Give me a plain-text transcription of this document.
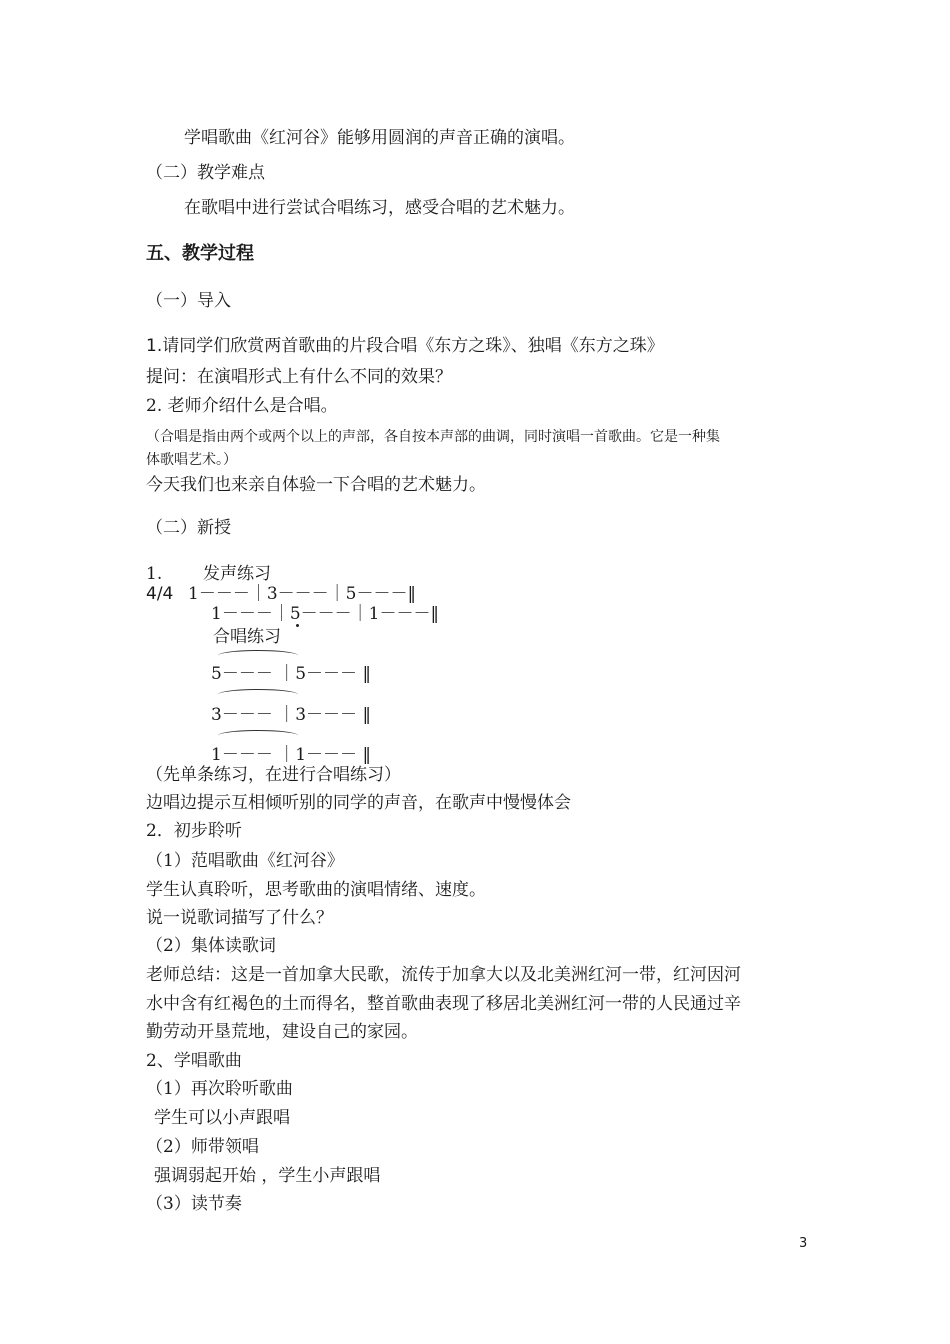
学唱歌曲《红河谷》能够用圆润的声音正确的演唱。
（二）教学难点
在歌唱中进行尝试合唱练习，感受合唱的艺术魅力。
五、教学过程
（一）导入
1.请同学们欣赏两首歌曲的片段合唱《东方之珠》、独唱《东方之珠》
提问：在演唱形式上有什么不同的效果？
2. 老师介绍什么是合唱。
（合唱是指由两个或两个以上的声部，各自按本声部的曲调，同时演唱一首歌曲。它是一种集
体歌唱艺术。）
今天我们也来亲自体验一下合唱的艺术魅力。
（二）新授
1. 发声练习
4/4 1－－－｜3－－－｜5－－－‖
1－－－｜5－－－｜1－－－‖
合唱练习
5－－－ ｜5－－－ ‖
3－－－ ｜3－－－ ‖
1－－－ ｜1－－－ ‖
（先单条练习，在进行合唱练习）
边唱边提示互相倾听别的同学的声音，在歌声中慢慢体会
2．初步聆听
（1）范唱歌曲《红河谷》
学生认真聆听，思考歌曲的演唱情绪、速度。
说一说歌词描写了什么？
（2）集体读歌词
老师总结：这是一首加拿大民歌，流传于加拿大以及北美洲红河一带，红河因河
水中含有红褐色的土而得名，整首歌曲表现了移居北美洲红河一带的人民通过辛
勤劳动开垦荒地，建设自己的家园。
2、学唱歌曲
（1）再次聆听歌曲
学生可以小声跟唱
（2）师带领唱
强调弱起开始 ，学生小声跟唱
（3）读节奏
3
